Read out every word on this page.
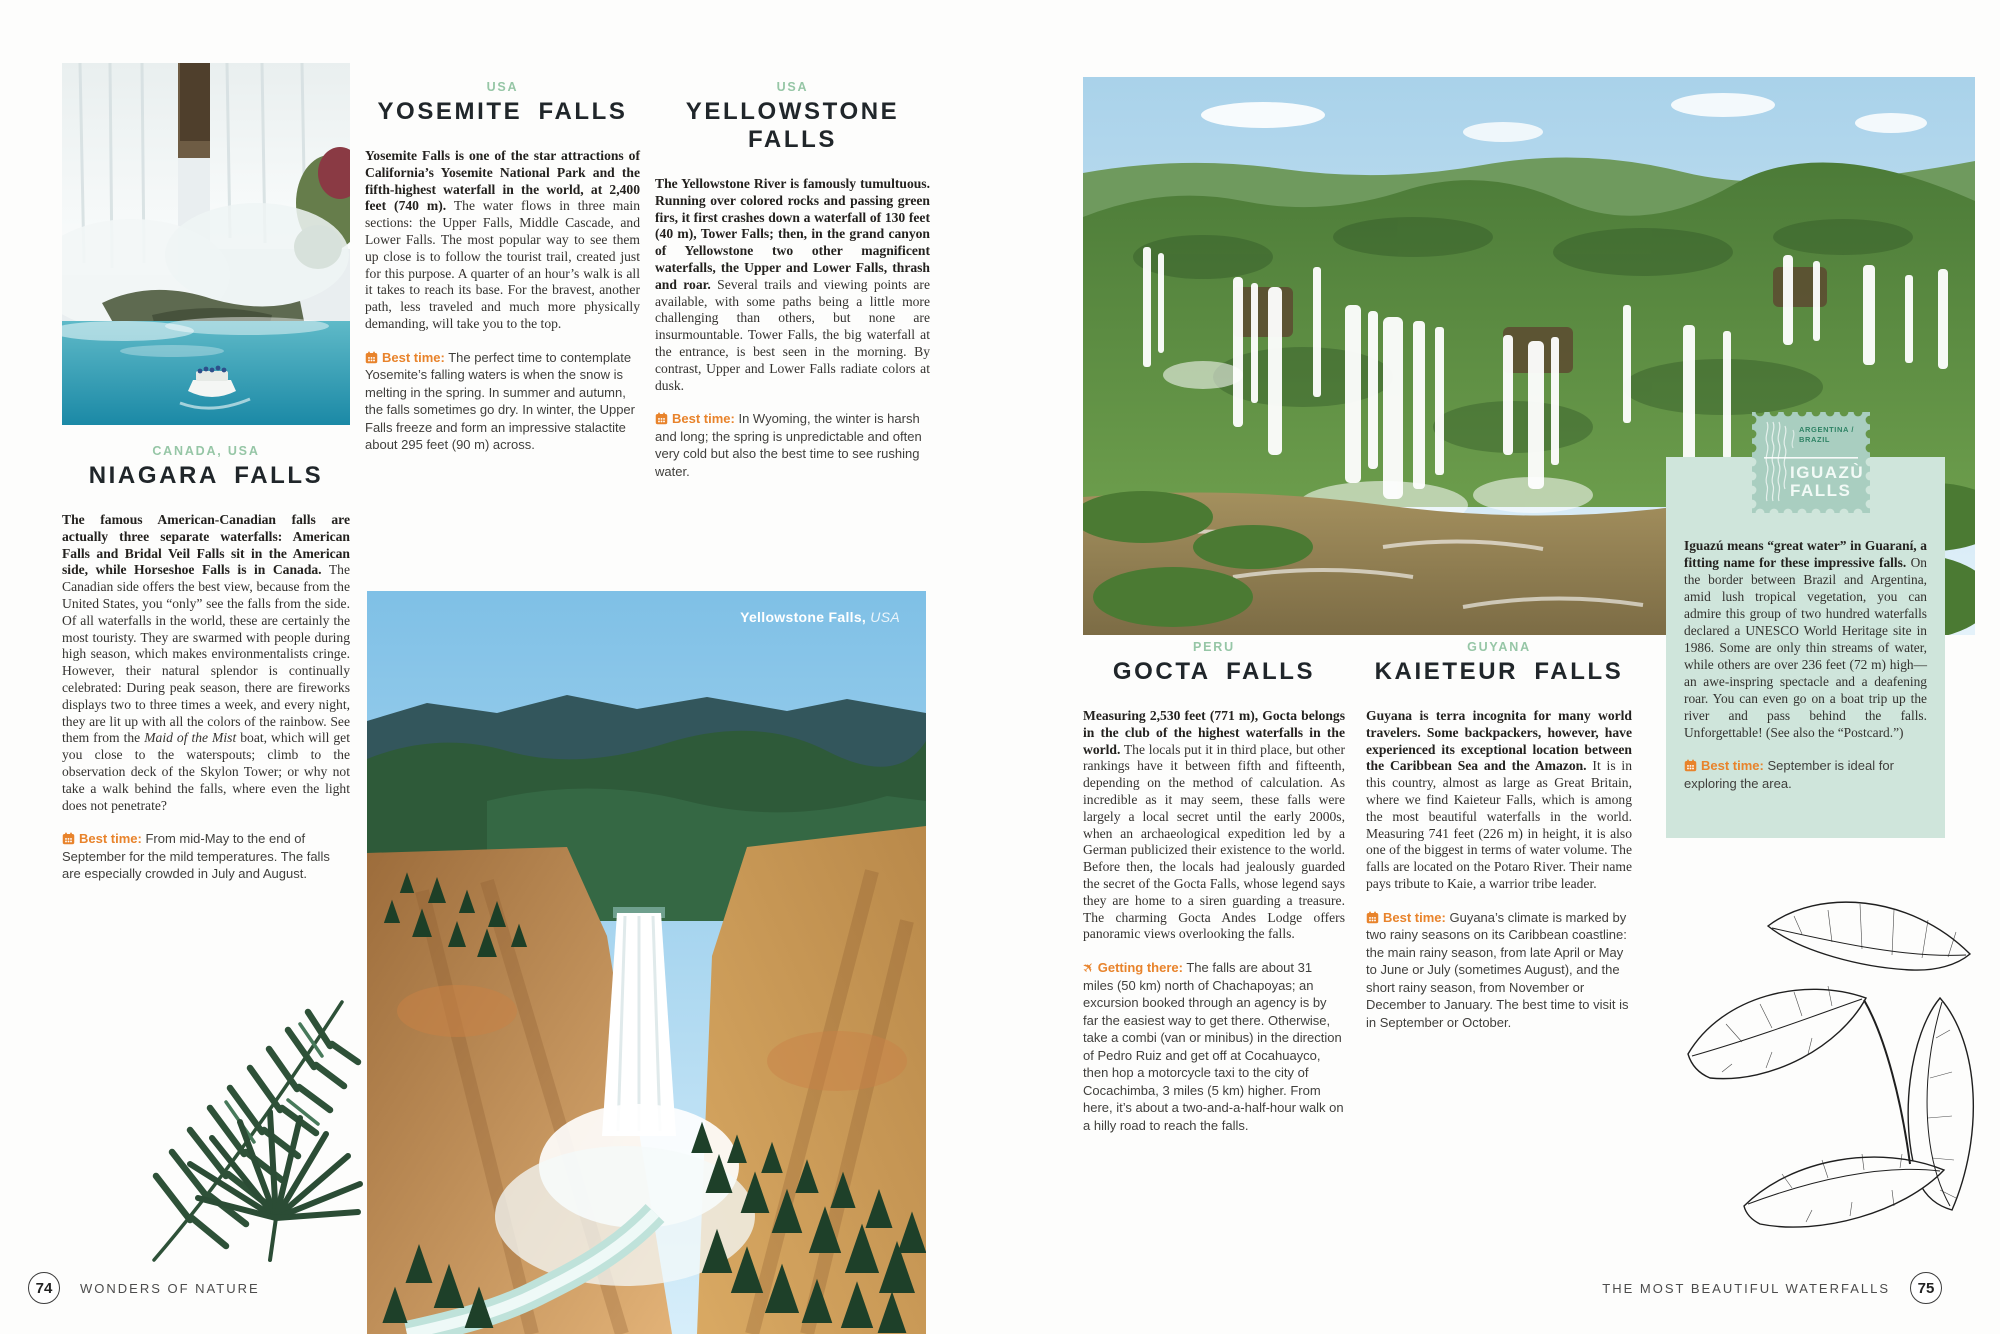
CANADA, USA

NIAGARA FALLS

The famous American-Canadian falls are actually three separate waterfalls: American Falls and Bridal Veil Falls sit in the American side, while Horseshoe Falls is in Canada. The Canadian side offers the best view, because from the United States, you “only” see the falls from the side. Of all waterfalls in the world, these are certainly the most touristy. They are swarmed with people during high season, which makes environmentalists cringe. However, their natural splendor is continually celebrated: During peak season, there are fireworks displays two to three times a week, and every night, they are lit up with all the colors of the rainbow. See them from the Maid of the Mist boat, which will get you close to the waterspouts; climb to the observation deck of the Skylon Tower; or why not take a walk behind the falls, where even the light does not penetrate?

Best time: From mid-May to the end of September for the mild temperatures. The falls are especially crowded in July and August.

USA

YOSEMITE FALLS

Yosemite Falls is one of the star attractions of California’s Yosemite National Park and the fifth-highest waterfall in the world, at 2,400 feet (740 m). The water flows in three main sections: the Upper Falls, Middle Cascade, and Lower Falls. The most popular way to see them up close is to follow the tourist trail, created just for this purpose. A quarter of an hour’s walk is all it takes to reach its base. For the bravest, another path, less traveled and much more physically demanding, will take you to the top.

Best time: The perfect time to contemplate Yosemite’s falling waters is when the snow is melting in the spring. In summer and autumn, the falls sometimes go dry. In winter, the Upper Falls freeze and form an impressive stalactite about 295 feet (90 m) across.

USA

YELLOWSTONE FALLS

The Yellowstone River is famously tumultuous. Running over colored rocks and passing green firs, it first crashes down a waterfall of 130 feet (40 m), Tower Falls; then, in the grand canyon of Yellowstone two other magnificent waterfalls, the Upper and Lower Falls, thrash and roar. Several trails and viewing points are available, with some paths being a little more challenging than others, but none are insurmountable. Tower Falls, the big waterfall at the entrance, is best seen in the morning. By contrast, Upper and Lower Falls radiate colors at dusk.

Best time: In Wyoming, the winter is harsh and long; the spring is unpredictable and often very cold but also the best time to see rushing water.

Yellowstone Falls, USA
74	WONDERS OF NATURE

Iguazú means “great water” in Guaraní, a fitting name for these impressive falls. On the border between Brazil and Argentina, amid lush tropical vegetation, you can admire this group of two hundred waterfalls declared a UNESCO World Heritage site in 1986. Some are only thin streams of water, while others are over 236 feet (72 m) high—an awe-inspring spectacle and a deafening roar. You can even go on a boat trip up the river and pass behind the falls. Unforgettable! (See also the “Postcard.”)

Best time: September is ideal for exploring the area.

ARGENTINA / BRAZIL
IGUAZÙ
FALLS

PERU

GOCTA FALLS

Measuring 2,530 feet (771 m), Gocta belongs in the club of the highest waterfalls in the world. The locals put it in third place, but other rankings have it between fifth and fifteenth, depending on the method of calculation. As incredible as it may seem, these falls were largely a local secret until the early 2000s, when an archaeological expedition led by a German publicized their existence to the world. Before then, the locals had jealously guarded the secret of the Gocta Falls, whose legend says they are home to a siren guarding a treasure. The charming Gocta Andes Lodge offers panoramic views overlooking the falls.

✈Getting there: The falls are about 31 miles (50 km) north of Chachapoyas; an excursion booked through an agency is by far the easiest way to get there. Otherwise, take a combi (van or minibus) in the direction of Pedro Ruiz and get off at Cocahuayco, then hop a motorcycle taxi to the city of Cocachimba, 3 miles (5 km) higher. From here, it’s about a two-and-a-half-hour walk on a hilly road to reach the falls.

GUYANA

KAIETEUR FALLS

Guyana is terra incognita for many world travelers. Some backpackers, however, have experienced its exceptional location between the Caribbean Sea and the Amazon. It is in this country, almost as large as Great Britain, where we find Kaieteur Falls, which is among the most beautiful waterfalls in the world. Measuring 741 feet (226 m) in height, it is also one of the biggest in terms of water volume. The falls are located on the Potaro River. Their name pays tribute to Kaie, a warrior tribe leader.

Best time: Guyana’s climate is marked by two rainy seasons on its Caribbean coastline: the main rainy season, from late April or May to June or July (sometimes August), and the short rainy season, from November or December to January. The best time to visit is in September or October.

THE MOST BEAUTIFUL WATERFALLS	75
